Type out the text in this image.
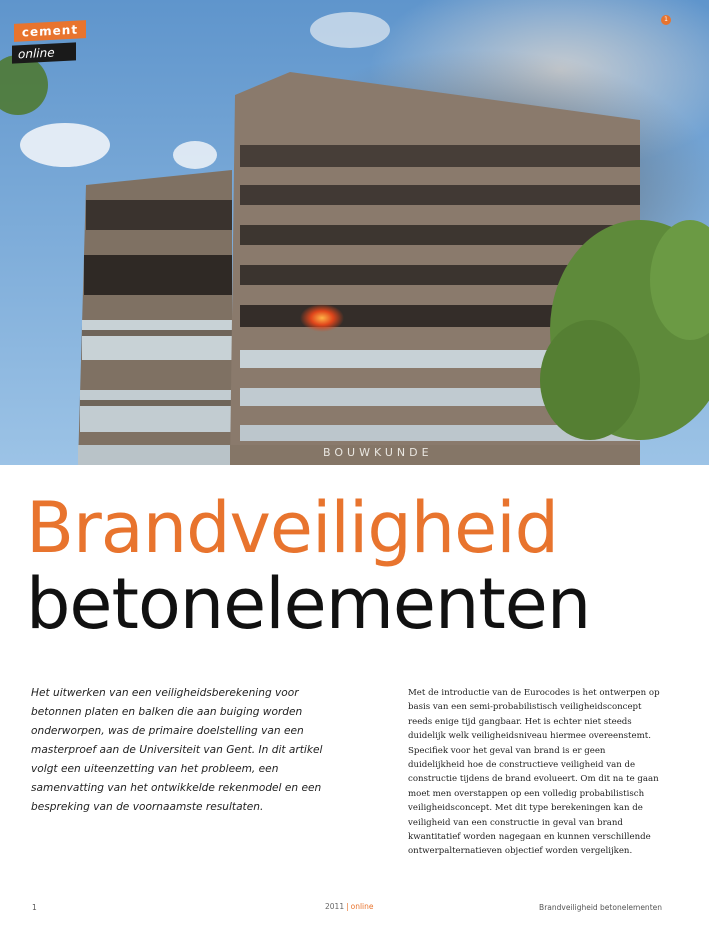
BOUWKUNDE
cement
online
1
Brandveiligheid
betonelementen

Het uitwerken van een veiligheidsberekening voor betonnen platen en balken die aan buiging worden onderworpen, was de primaire doelstelling van een masterproef aan de Universiteit van Gent. In dit artikel volgt een uiteenzetting van het probleem, een samenvatting van het ontwikkelde rekenmodel en een bespreking van de voornaamste resultaten.

Met de introductie van de Eurocodes is het ontwerpen op basis van een semi-probabilistisch veiligheidsconcept reeds enige tijd gangbaar. Het is echter niet steeds duidelijk welk veiligheidsniveau hiermee overeenstemt. Specifiek voor het geval van brand is er geen duidelijkheid hoe de constructieve veiligheid van de constructie tijdens de brand evolueert. Om dit na te gaan moet men overstappen op een volledig probabilistisch veiligheidsconcept. Met dit type berekeningen kan de veiligheid van een constructie in geval van brand kwantitatief worden nagegaan en kunnen verschillende ontwerpalternatieven objectief worden vergelijken.

1	2011 | online	Brandveiligheid betonelementen
